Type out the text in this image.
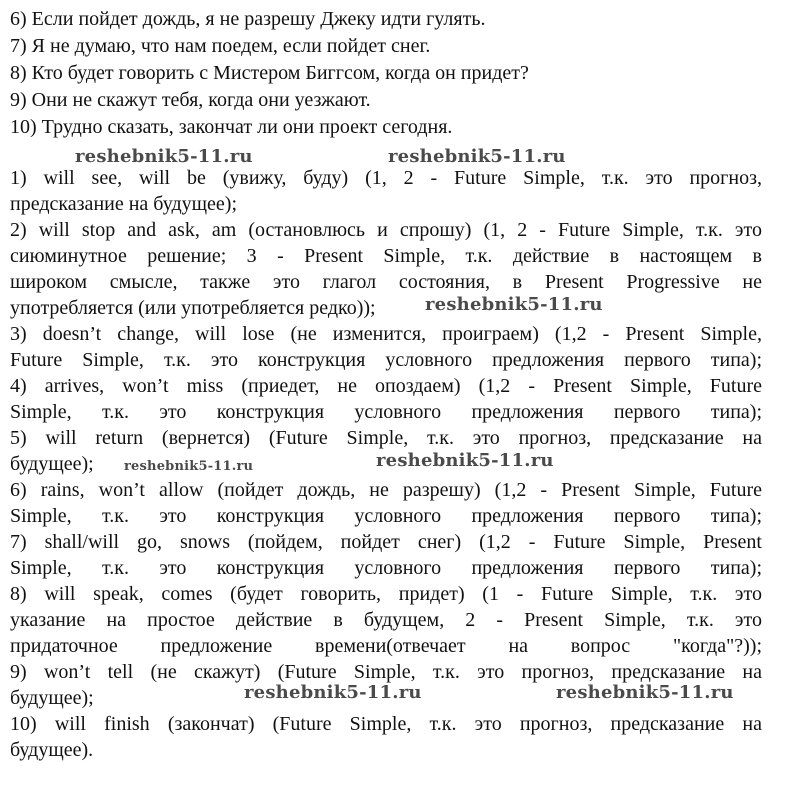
6) Если пойдет дождь, я не разрешу Джеку идти гулять.
7) Я не думаю, что нам поедем, если пойдет снег.
8) Кто будет говорить с Мистером Биггсом, когда он придет?
9) Они не скажут тебя, когда они уезжают.
10) Трудно сказать, закончат ли они проект сегодня.
1) will see, will be (увижу, буду) (1, 2 - Future Simple, т.к. это прогноз,
предсказание на будущее);
2) will stop and ask, am (остановлюсь и спрошу) (1, 2 - Future Simple, т.к. это
сиюминутное решение; 3 - Present Simple, т.к. действие в настоящем в
широком смысле, также это глагол состояния, в Present Progressive не
употребляется (или употребляется редко));
3) doesn’t change, will lose (не изменится, проиграем) (1,2 - Present Simple,
Future Simple, т.к. это конструкция условного предложения первого типа);
4) arrives, won’t miss (приедет, не опоздаем) (1,2 - Present Simple, Future
Simple, т.к. это конструкция условного предложения первого типа);
5) will return (вернется) (Future Simple, т.к. это прогноз, предсказание на
будущее);
6) rains, won’t allow (пойдет дождь, не разрешу) (1,2 - Present Simple, Future
Simple, т.к. это конструкция условного предложения первого типа);
7) shall/will go, snows (пойдем, пойдет снег) (1,2 - Future Simple, Present
Simple, т.к. это конструкция условного предложения первого типа);
8) will speak, comes (будет говорить, придет) (1 - Future Simple, т.к. это
указание на простое действие в будущем, 2 - Present Simple, т.к. это
придаточное предложение времени(отвечает на вопрос "когда"?));
9) won’t tell (не скажут) (Future Simple, т.к. это прогноз, предсказание на
будущее);
10) will finish (закончат) (Future Simple, т.к. это прогноз, предсказание на
будущее).
reshebnik5-11.ru	reshebnik5-11.ru
reshebnik5-11.ru
reshebnik5-11.ru	reshebnik5-11.ru
reshebnik5-11.ru	reshebnik5-11.ru
